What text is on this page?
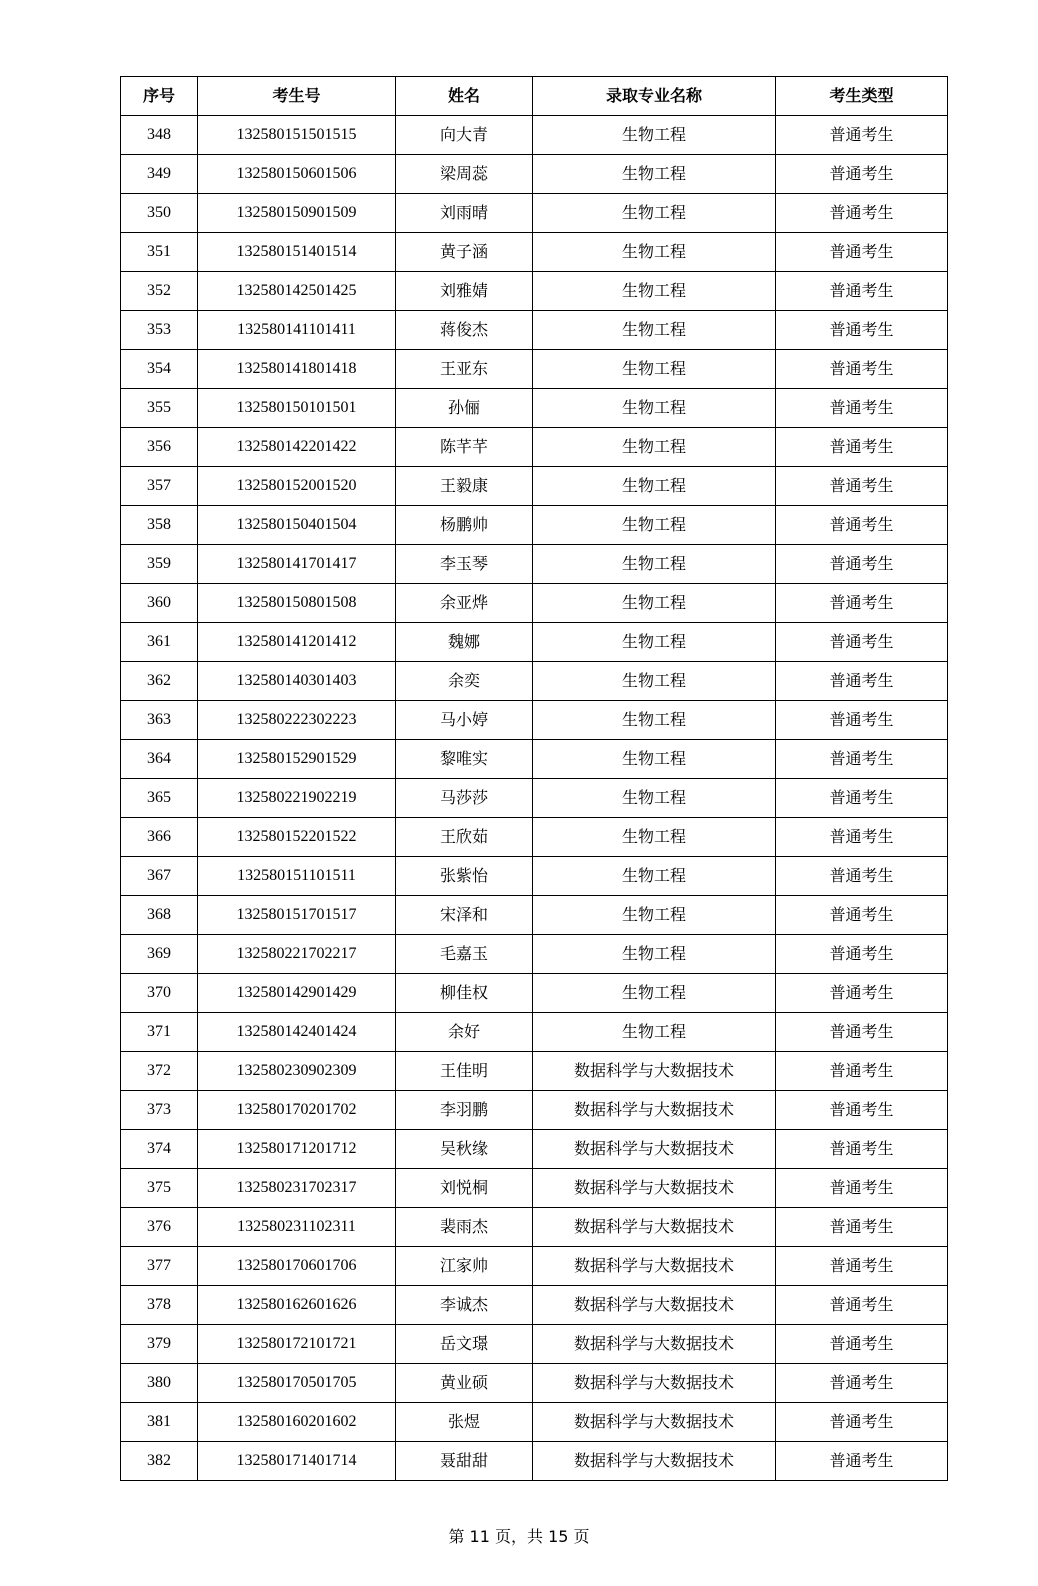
序号	考生号	姓名	录取专业名称	考生类型
348	132580151501515	向大青	生物工程	普通考生
349	132580150601506	梁周蕊	生物工程	普通考生
350	132580150901509	刘雨晴	生物工程	普通考生
351	132580151401514	黄子涵	生物工程	普通考生
352	132580142501425	刘雅婧	生物工程	普通考生
353	132580141101411	蒋俊杰	生物工程	普通考生
354	132580141801418	王亚东	生物工程	普通考生
355	132580150101501	孙俪	生物工程	普通考生
356	132580142201422	陈芊芊	生物工程	普通考生
357	132580152001520	王毅康	生物工程	普通考生
358	132580150401504	杨鹏帅	生物工程	普通考生
359	132580141701417	李玉琴	生物工程	普通考生
360	132580150801508	余亚烨	生物工程	普通考生
361	132580141201412	魏娜	生物工程	普通考生
362	132580140301403	余奕	生物工程	普通考生
363	132580222302223	马小婷	生物工程	普通考生
364	132580152901529	黎唯实	生物工程	普通考生
365	132580221902219	马莎莎	生物工程	普通考生
366	132580152201522	王欣茹	生物工程	普通考生
367	132580151101511	张紫怡	生物工程	普通考生
368	132580151701517	宋泽和	生物工程	普通考生
369	132580221702217	毛嘉玉	生物工程	普通考生
370	132580142901429	柳佳权	生物工程	普通考生
371	132580142401424	余好	生物工程	普通考生
372	132580230902309	王佳明	数据科学与大数据技术	普通考生
373	132580170201702	李羽鹏	数据科学与大数据技术	普通考生
374	132580171201712	吴秋缘	数据科学与大数据技术	普通考生
375	132580231702317	刘悦桐	数据科学与大数据技术	普通考生
376	132580231102311	裴雨杰	数据科学与大数据技术	普通考生
377	132580170601706	江家帅	数据科学与大数据技术	普通考生
378	132580162601626	李诚杰	数据科学与大数据技术	普通考生
379	132580172101721	岳文璟	数据科学与大数据技术	普通考生
380	132580170501705	黄业硕	数据科学与大数据技术	普通考生
381	132580160201602	张煜	数据科学与大数据技术	普通考生
382	132580171401714	聂甜甜	数据科学与大数据技术	普通考生
第 11 页，共 15 页
